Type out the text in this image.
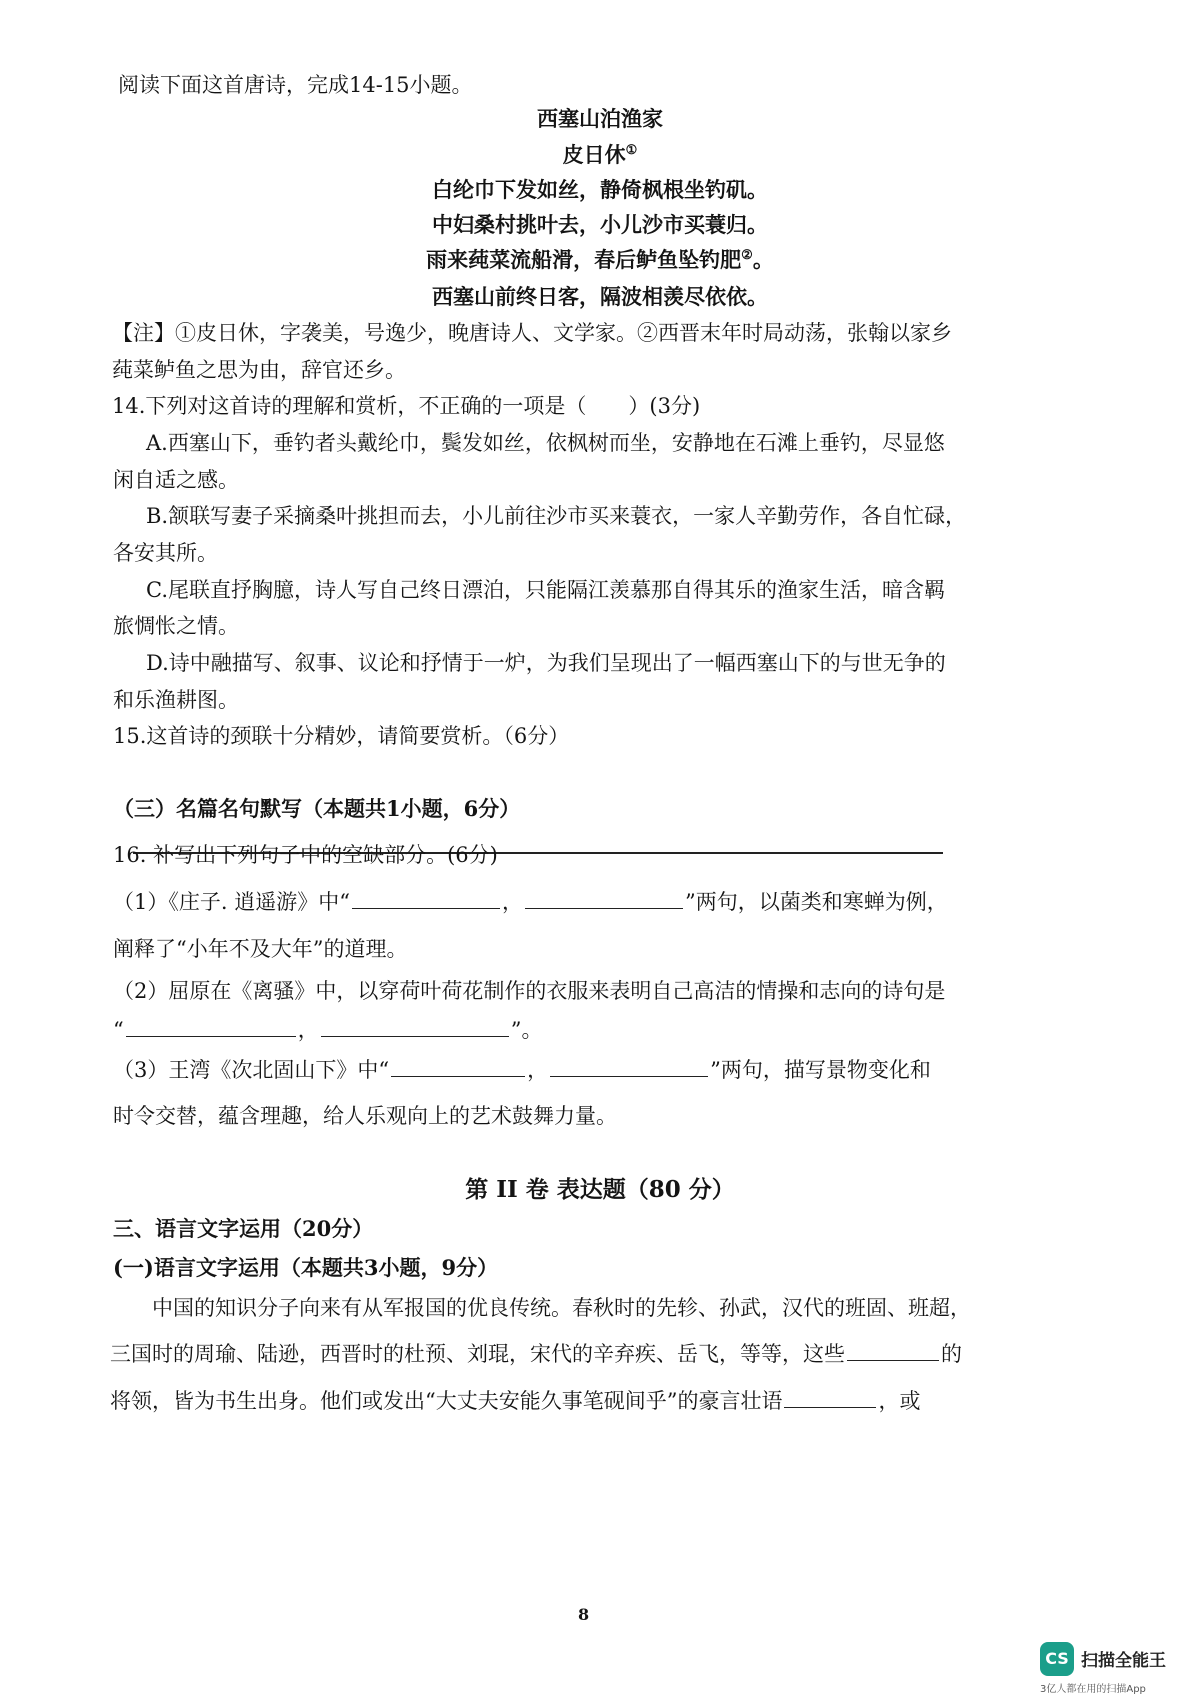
阅读下面这首唐诗，完成14-15小题。
西塞山泊渔家
皮日休①
白纶巾下发如丝，静倚枫根坐钓矶。
中妇桑村挑叶去，小儿沙市买蓑归。
雨来莼菜流船滑，春后鲈鱼坠钓肥②。
西塞山前终日客，隔波相羡尽依依。
【注】①皮日休，字袭美，号逸少，晚唐诗人、文学家。②西晋末年时局动荡，张翰以家乡
莼菜鲈鱼之思为由，辞官还乡。
14.下列对这首诗的理解和赏析，不正确的一项是（　　）(3分)
A.西塞山下，垂钓者头戴纶巾，鬓发如丝，依枫树而坐，安静地在石滩上垂钓，尽显悠
闲自适之感。
B.颔联写妻子采摘桑叶挑担而去，小儿前往沙市买来蓑衣，一家人辛勤劳作，各自忙碌，
各安其所。
C.尾联直抒胸臆，诗人写自己终日漂泊，只能隔江羡慕那自得其乐的渔家生活，暗含羁
旅惆怅之情。
D.诗中融描写、叙事、议论和抒情于一炉，为我们呈现出了一幅西塞山下的与世无争的
和乐渔耕图。
15.这首诗的颈联十分精妙，请简要赏析。（6分）
（三）名篇名句默写（本题共1小题，6分）
16. 补写出下列句子中的空缺部分。(6分)
（1）《庄子. 逍遥游》中“	，	”两句，以菌类和寒蝉为例，
阐释了“小年不及大年”的道理。
（2）屈原在《离骚》中，以穿荷叶荷花制作的衣服来表明自己高洁的情操和志向的诗句是
“	，	”。
（3）王湾《次北固山下》中“	，	”两句，描写景物变化和
时令交替，蕴含理趣，给人乐观向上的艺术鼓舞力量。
第 II 卷 表达题（80 分）
三、语言文字运用（20分）
(一)语言文字运用（本题共3小题，9分）
中国的知识分子向来有从军报国的优良传统。春秋时的先轸、孙武，汉代的班固、班超，
三国时的周瑜、陆逊，西晋时的杜预、刘琨，宋代的辛弃疾、岳飞，等等，这些	的
将领，皆为书生出身。他们或发出“大丈夫安能久事笔砚间乎”的豪言壮语	，或
8
CS 扫描全能王
3亿人都在用的扫描App
